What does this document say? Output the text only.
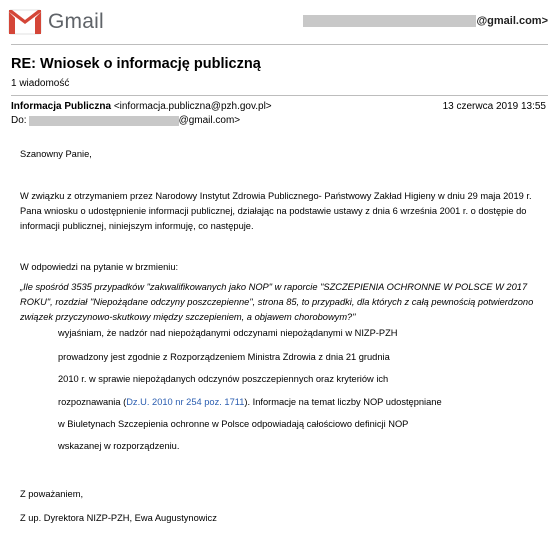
Gmail	@gmail.com>
RE: Wniosek o informację publiczną
1 wiadomość
Informacja Publiczna <informacja.publiczna@pzh.gov.pl>	13 czerwca 2019 13:55
Do:	@gmail.com>
Szanowny Panie,
W związku z otrzymaniem przez Narodowy Instytut Zdrowia Publicznego- Państwowy Zakład Higieny w dniu 29 maja 2019 r. Pana wniosku o udostępnienie informacji publicznej, działając na podstawie ustawy z dnia 6 września 2001 r. o dostępie do informacji publicznej, niniejszym informuję, co następuje.
W odpowiedzi na pytanie w brzmieniu:
„Ile spośród 3535 przypadków "zakwalifikowanych jako NOP" w raporcie "SZCZEPIENIA OCHRONNE W POLSCE W 2017 ROKU", rozdział "Niepożądane odczyny poszczepienne", strona 85, to przypadki, dla których z całą pewnością potwierdzono związek przyczynowo-skutkowy między szczepieniem, a objawem chorobowym?"
wyjaśniam, że nadzór nad niepożądanymi odczynami niepożądanymi w NIZP-PZH
prowadzony jest zgodnie z Rozporządzeniem Ministra Zdrowia z dnia 21 grudnia
2010 r. w sprawie niepożądanych odczynów poszczepiennych oraz kryteriów ich
rozpoznawania (Dz.U. 2010 nr 254 poz. 1711). Informacje na temat liczby NOP udostępniane
w Biuletynach Szczepienia ochronne w Polsce odpowiadają całościowo definicji NOP
wskazanej w rozporządzeniu.
Z poważaniem,
Z up. Dyrektora NIZP-PZH, Ewa Augustynowicz
